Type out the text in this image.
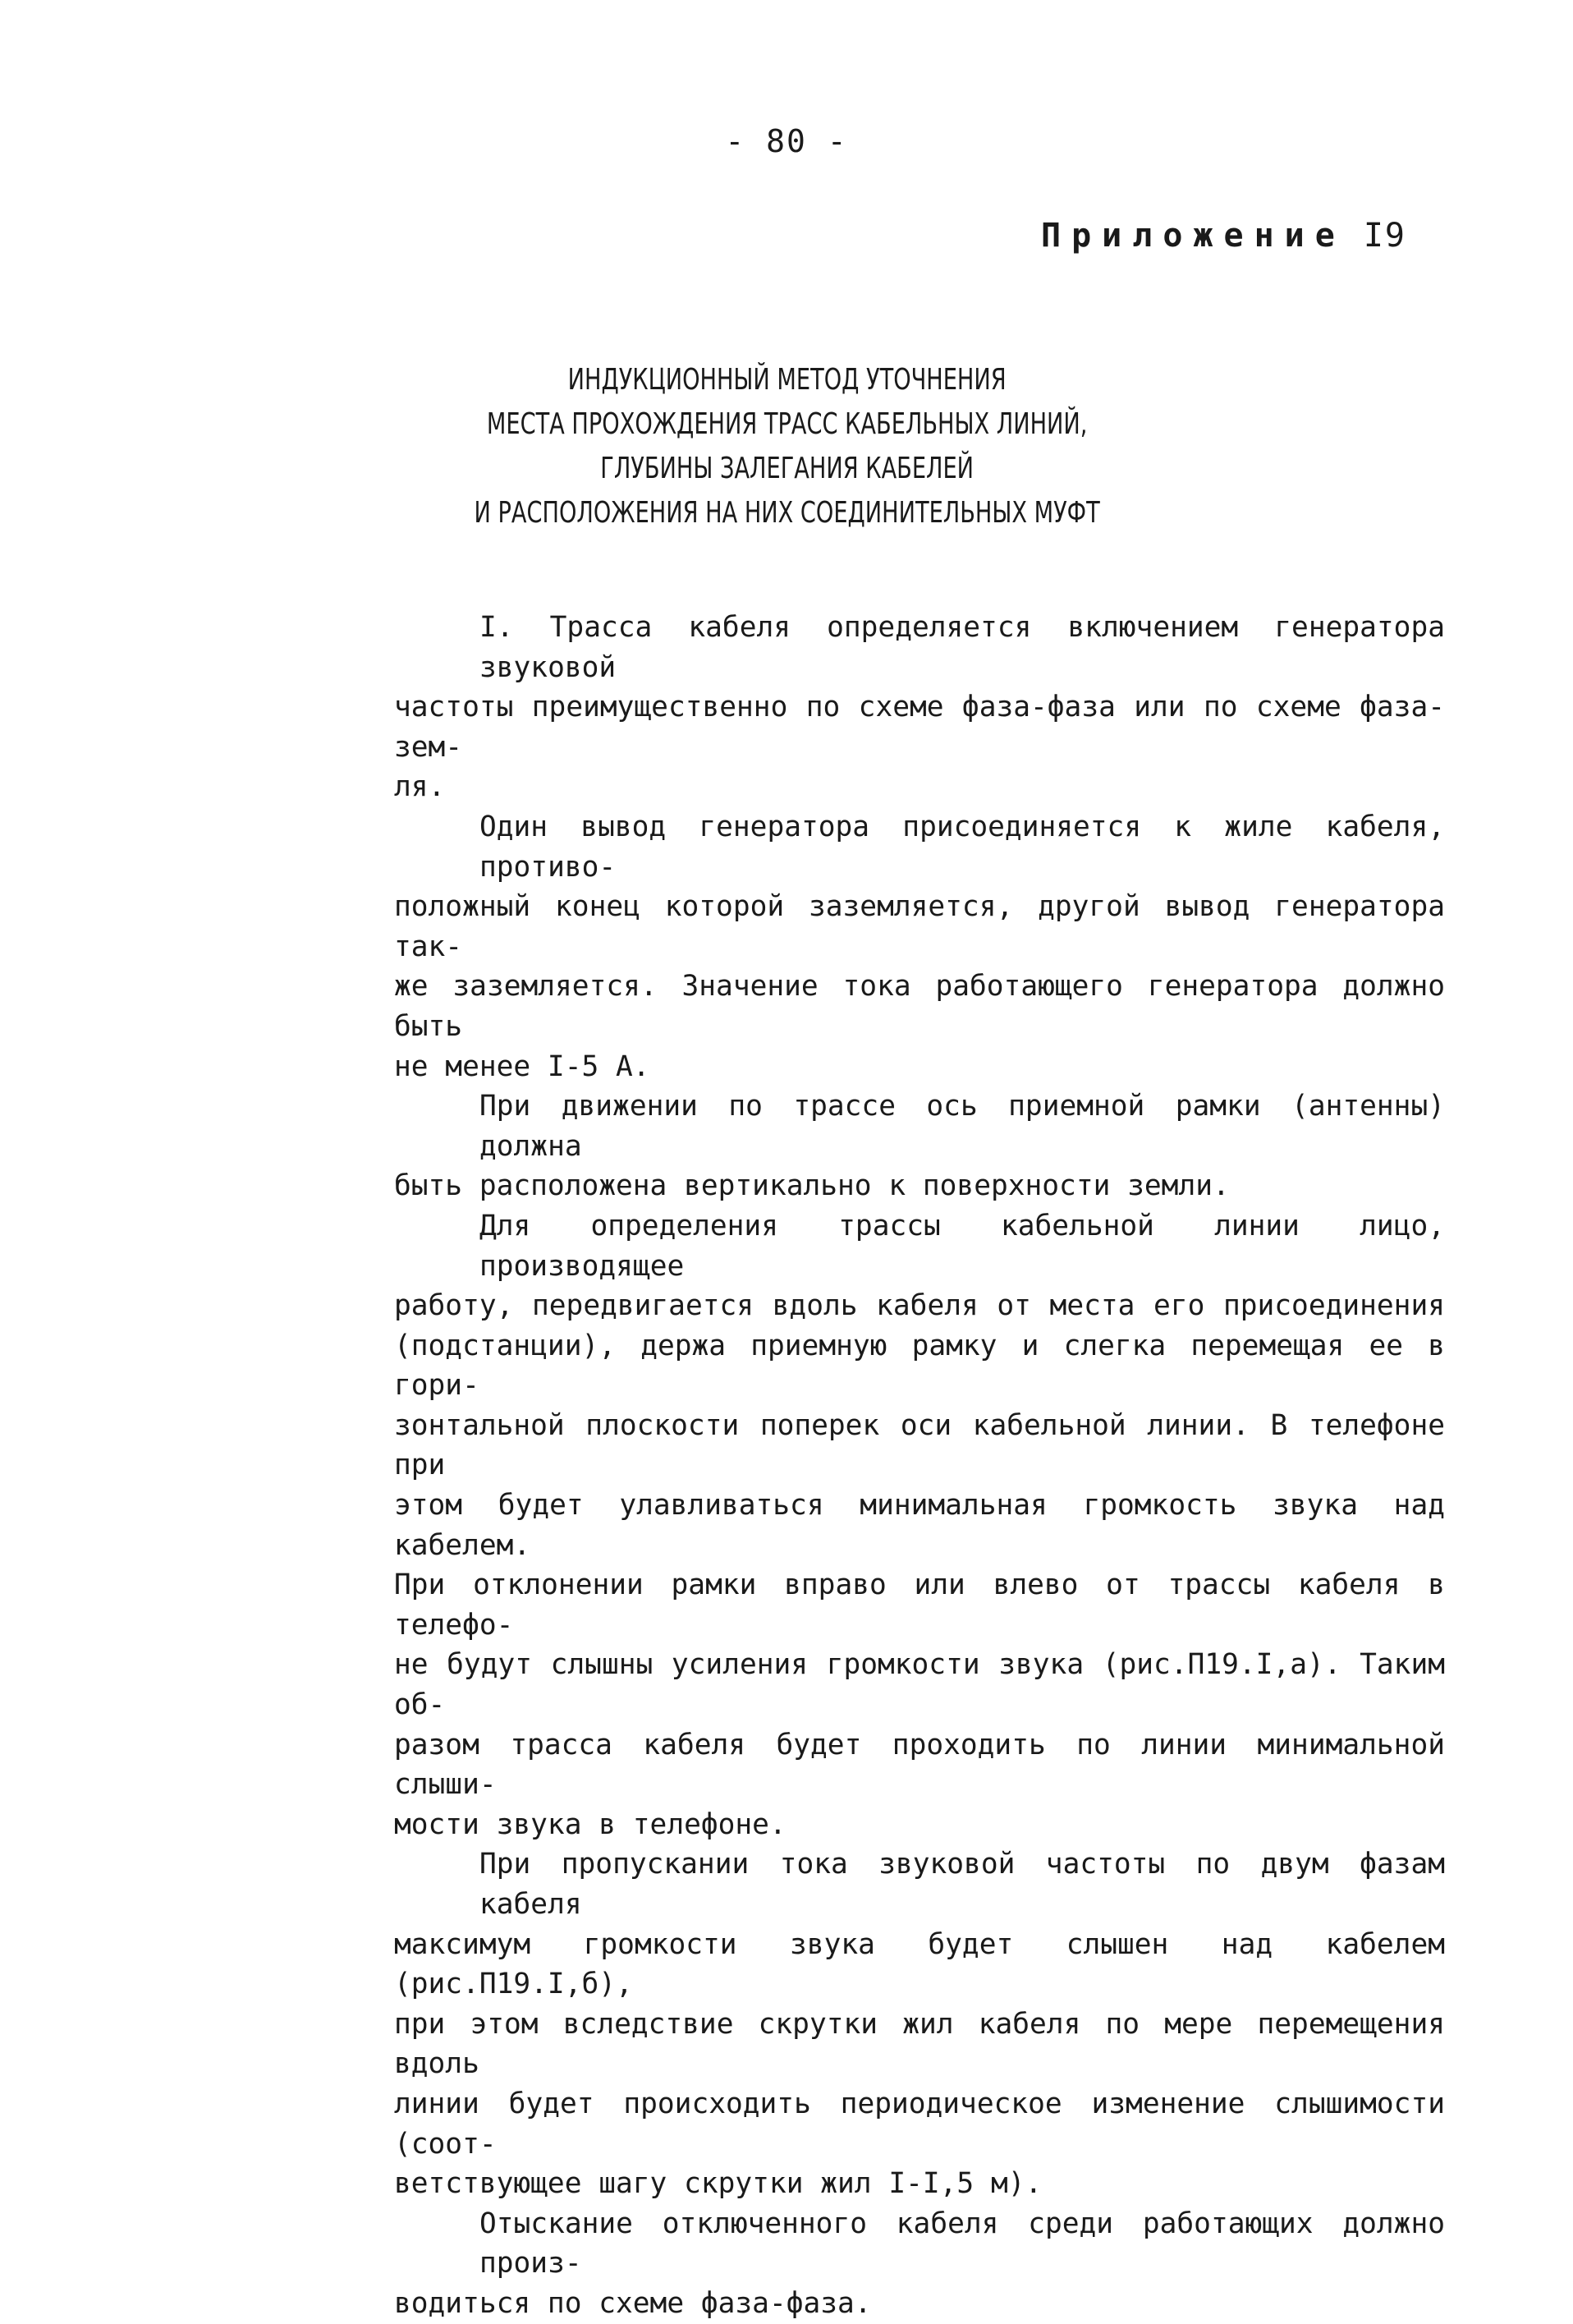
- 80 -
Приложение I9
ИНДУКЦИОННЫЙ МЕТОД УТОЧНЕНИЯ
МЕСТА ПРОХОЖДЕНИЯ ТРАСС КАБЕЛЬНЫХ ЛИНИЙ,
ГЛУБИНЫ ЗАЛЕГАНИЯ КАБЕЛЕЙ
И РАСПОЛОЖЕНИЯ НА НИХ СОЕДИНИТЕЛЬНЫХ МУФТ
I. Трасса кабеля определяется включением генератора звуковой
частоты преимущественно по схеме фаза-фаза или по схеме фаза-зем-
ля.
Один вывод генератора присоединяется к жиле кабеля, противо-
положный конец которой заземляется, другой вывод генератора так-
же заземляется. Значение тока работающего генератора должно быть
не менее I-5 А.
При движении по трассе ось приемной рамки (антенны) должна
быть расположена вертикально к поверхности земли.
Для определения трассы кабельной линии лицо, производящее
работу, передвигается вдоль кабеля от места его присоединения
(подстанции), держа приемную рамку и слегка перемещая ее в гори-
зонтальной плоскости поперек оси кабельной линии. В телефоне при
этом будет улавливаться минимальная громкость звука над кабелем.
При отклонении рамки вправо или влево от трассы кабеля в телефо-
не будут слышны усиления громкости звука (рис.П19.I,а). Таким об-
разом трасса кабеля будет проходить по линии минимальной слыши-
мости звука в телефоне.
При пропускании тока звуковой частоты по двум фазам кабеля
максимум громкости звука будет слышен над кабелем (рис.П19.I,б),
при этом вследствие скрутки жил кабеля по мере перемещения вдоль
линии будет происходить периодическое изменение слышимости (соот-
ветствующее шагу скрутки жил I-I,5 м).
Отыскание отключенного кабеля среди работающих должно произ-
водиться по схеме фаза-фаза.
